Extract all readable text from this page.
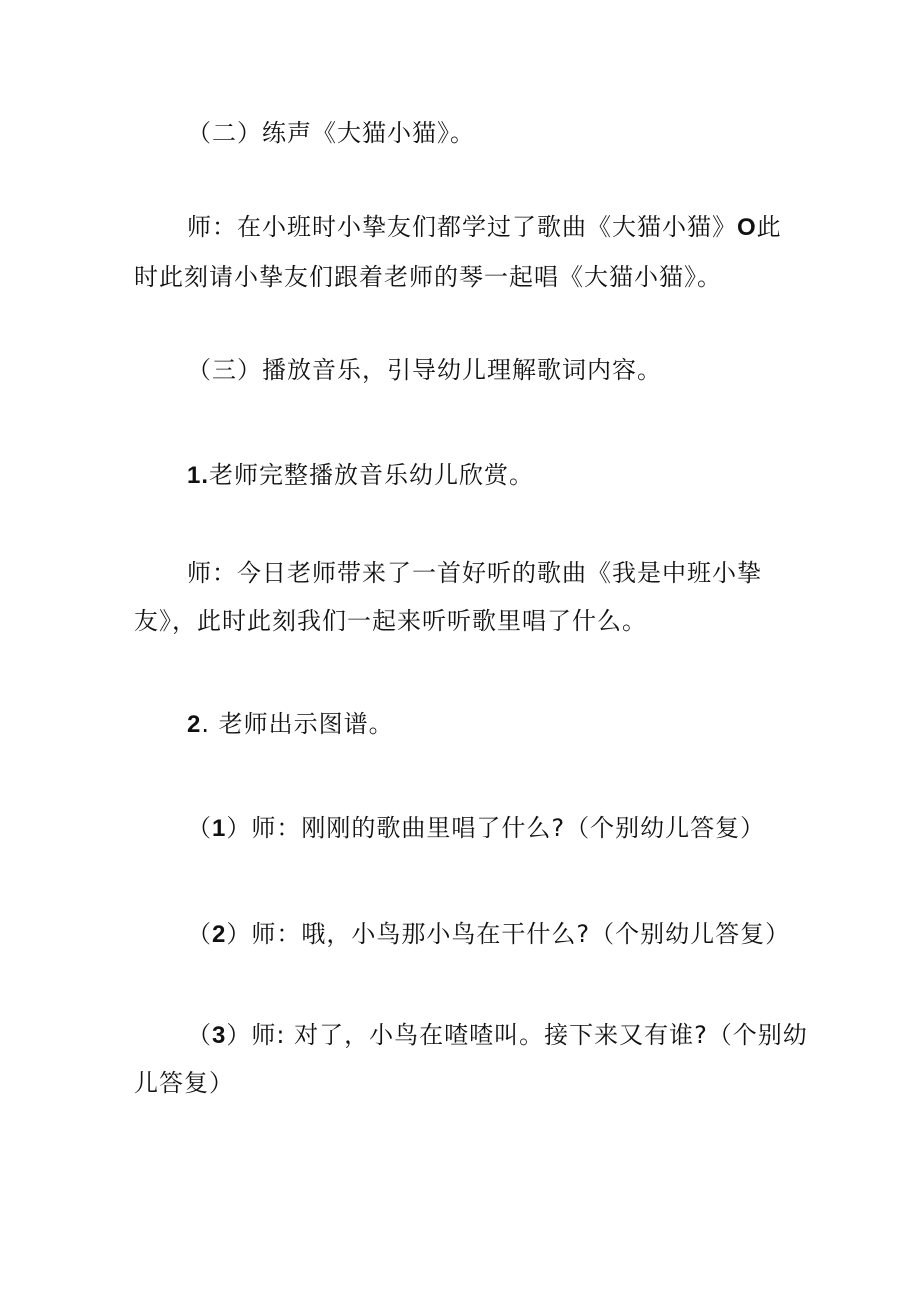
（二）练声《大猫小猫》。
师：在小班时小挚友们都学过了歌曲《大猫小猫》O此
时此刻请小挚友们跟着老师的琴一起唱《大猫小猫》。
（三）播放音乐，引导幼儿理解歌词内容。
1.老师完整播放音乐幼儿欣赏。
师：今日老师带来了一首好听的歌曲《我是中班小挚
友》，此时此刻我们一起来听听歌里唱了什么。
2. 老师出示图谱。
（1）师：刚刚的歌曲里唱了什么?（个别幼儿答复）
（2）师：哦，小鸟那小鸟在干什么?（个别幼儿答复）
（3）师: 对了，小鸟在喳喳叫。接下来又有谁?（个别幼
儿答复）
